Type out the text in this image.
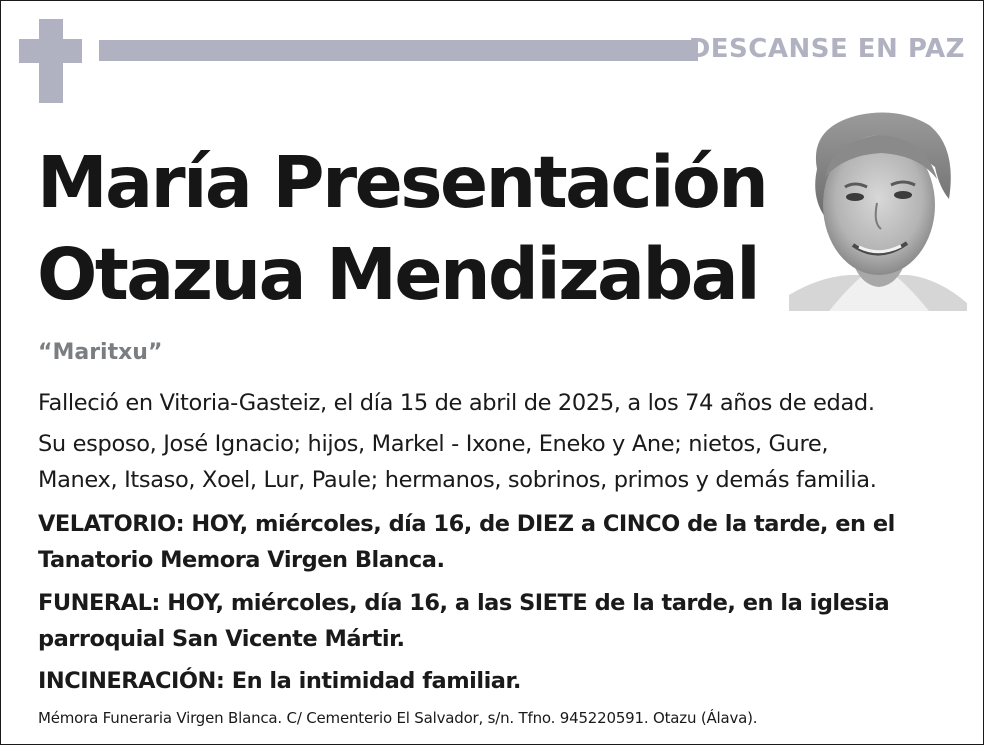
DESCANSE EN PAZ
María Presentación
Otazua Mendizabal
“Maritxu”
Falleció en Vitoria-Gasteiz, el día 15 de abril de 2025, a los 74 años de edad.
Su esposo, José Ignacio; hijos, Markel - Ixone, Eneko y Ane; nietos, Gure,
Manex, Itsaso, Xoel, Lur, Paule; hermanos, sobrinos, primos y demás familia.
VELATORIO: HOY, miércoles, día 16, de DIEZ a CINCO de la tarde, en el
Tanatorio Memora Virgen Blanca.
FUNERAL: HOY, miércoles, día 16, a las SIETE de la tarde, en la iglesia
parroquial San Vicente Mártir.
INCINERACIÓN: En la intimidad familiar.
Mémora Funeraria Virgen Blanca. C/ Cementerio El Salvador, s/n. Tfno. 945220591. Otazu (Álava).
